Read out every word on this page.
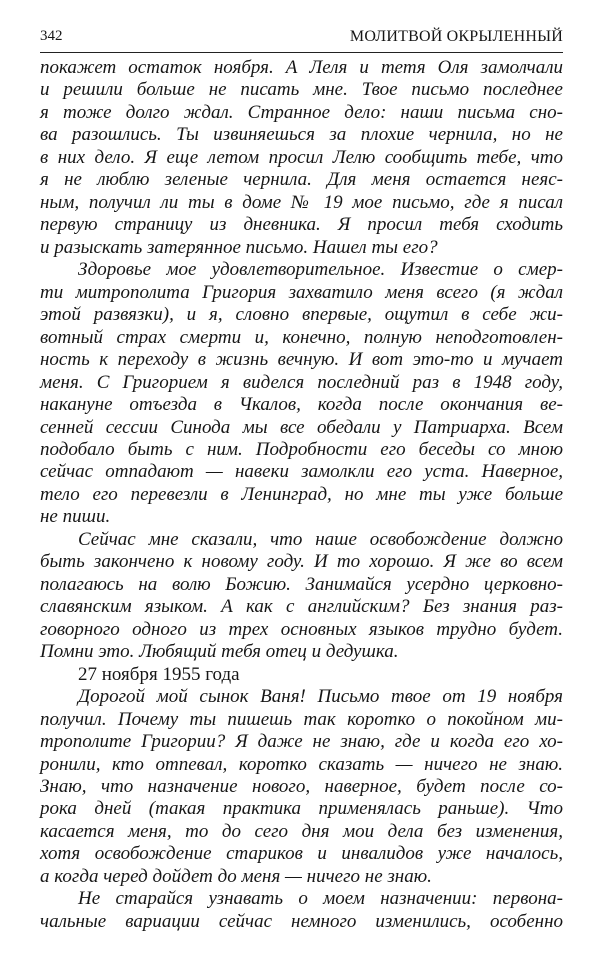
342	МОЛИТВОЙ ОКРЫЛЕННЫЙ
покажет остаток ноября. А Леля и тетя Оля замолчали
и решили больше не писать мне. Твое письмо последнее
я тоже долго ждал. Странное дело: наши письма сно-
ва разошлись. Ты извиняешься за плохие чернила, но не
в них дело. Я еще летом просил Лелю сообщить тебе, что
я не люблю зеленые чернила. Для меня остается неяс-
ным, получил ли ты в доме № 19 мое письмо, где я писал
первую страницу из дневника. Я просил тебя сходить
и разыскать затерянное письмо. Нашел ты его?
Здоровье мое удовлетворительное. Известие о смер-
ти митрополита Григория захватило меня всего (я ждал
этой развязки), и я, словно впервые, ощутил в себе жи-
вотный страх смерти и, конечно, полную неподготовлен-
ность к переходу в жизнь вечную. И вот это-то и мучает
меня. С Григорием я виделся последний раз в 1948 году,
накануне отъезда в Чкалов, когда после окончания ве-
сенней сессии Синода мы все обедали у Патриарха. Всем
подобало быть с ним. Подробности его беседы со мною
сейчас отпадают — навеки замолкли его уста. Наверное,
тело его перевезли в Ленинград, но мне ты уже больше
не пиши.
Сейчас мне сказали, что наше освобождение должно
быть закончено к новому году. И то хорошо. Я же во всем
полагаюсь на волю Божию. Занимайся усердно церковно-
славянским языком. А как с английским? Без знания раз-
говорного одного из трех основных языков трудно будет.
Помни это. Любящий тебя отец и дедушка.
27 ноября 1955 года
Дорогой мой сынок Ваня! Письмо твое от 19 ноября
получил. Почему ты пишешь так коротко о покойном ми-
трополите Григории? Я даже не знаю, где и когда его хо-
ронили, кто отпевал, коротко сказать — ничего не знаю.
Знаю, что назначение нового, наверное, будет после со-
рока дней (такая практика применялась раньше). Что
касается меня, то до сего дня мои дела без изменения,
хотя освобождение стариков и инвалидов уже началось,
а когда черед дойдет до меня — ничего не знаю.
Не старайся узнавать о моем назначении: первона-
чальные вариации сейчас немного изменились, особенно
